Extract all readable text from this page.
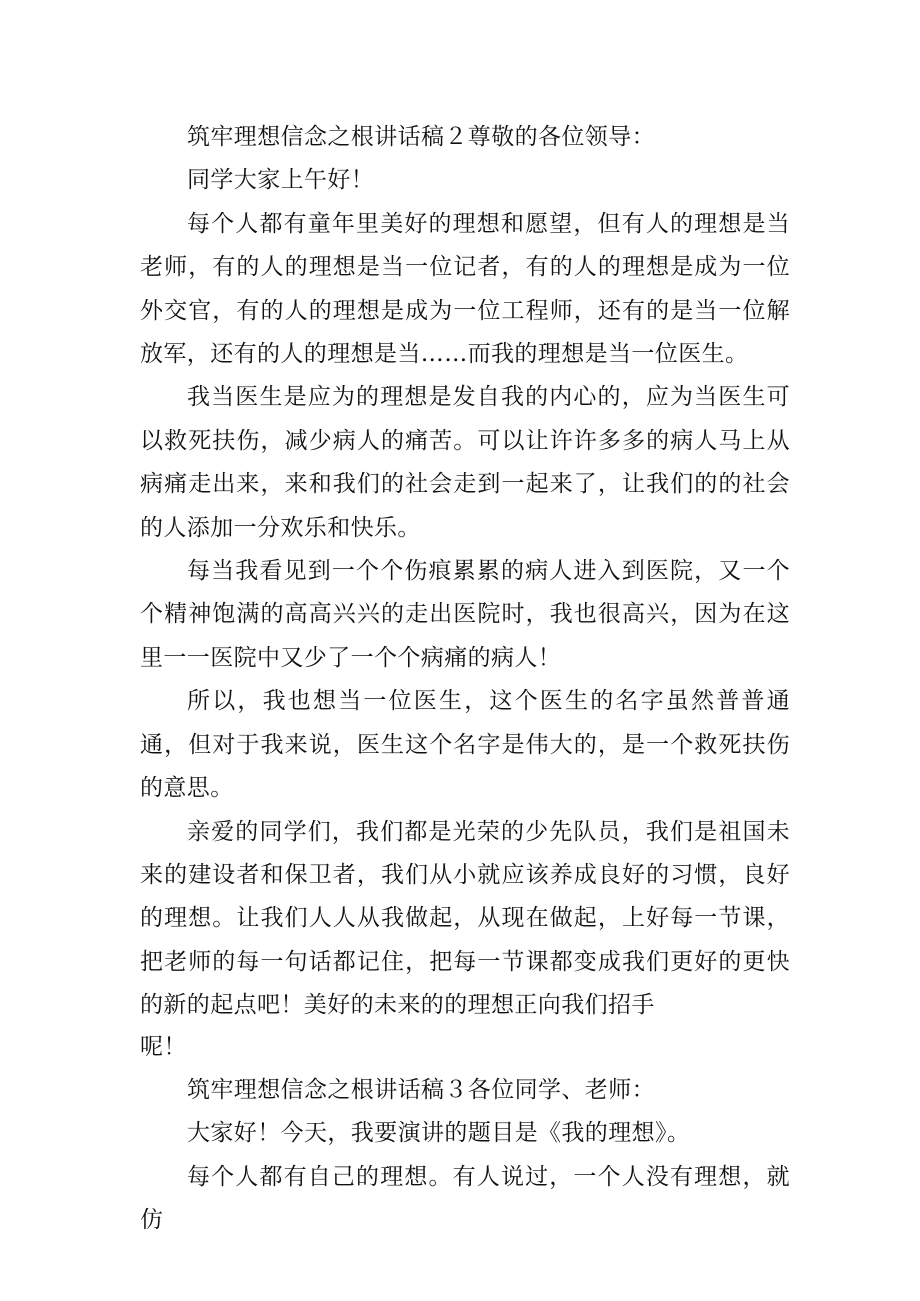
筑牢理想信念之根讲话稿２尊敬的各位领导：

同学大家上午好！

每个人都有童年里美好的理想和愿望，但有人的理想是当老师，有的人的理想是当一位记者，有的人的理想是成为一位外交官，有的人的理想是成为一位工程师，还有的是当一位解放军，还有的人的理想是当……而我的理想是当一位医生。

我当医生是应为的理想是发自我的内心的，应为当医生可以救死扶伤，减少病人的痛苦。可以让许许多多的病人马上从病痛走出来，来和我们的社会走到一起来了，让我们的的社会的人添加一分欢乐和快乐。

每当我看见到一个个伤痕累累的病人进入到医院，又一个个精神饱满的高高兴兴的走出医院时，我也很高兴，因为在这里一一医院中又少了一个个病痛的病人！

所以，我也想当一位医生，这个医生的名字虽然普普通通，但对于我来说，医生这个名字是伟大的，是一个救死扶伤的意思。

亲爱的同学们，我们都是光荣的少先队员，我们是祖国未来的建设者和保卫者，我们从小就应该养成良好的习惯，良好的理想。让我们人人从我做起，从现在做起，上好每一节课，把老师的每一句话都记住，把每一节课都变成我们更好的更快的新的起点吧！美好的未来的的理想正向我们招手

呢！

筑牢理想信念之根讲话稿３各位同学、老师：

大家好！今天，我要演讲的题目是《我的理想》。

每个人都有自己的理想。有人说过，一个人没有理想，就仿
